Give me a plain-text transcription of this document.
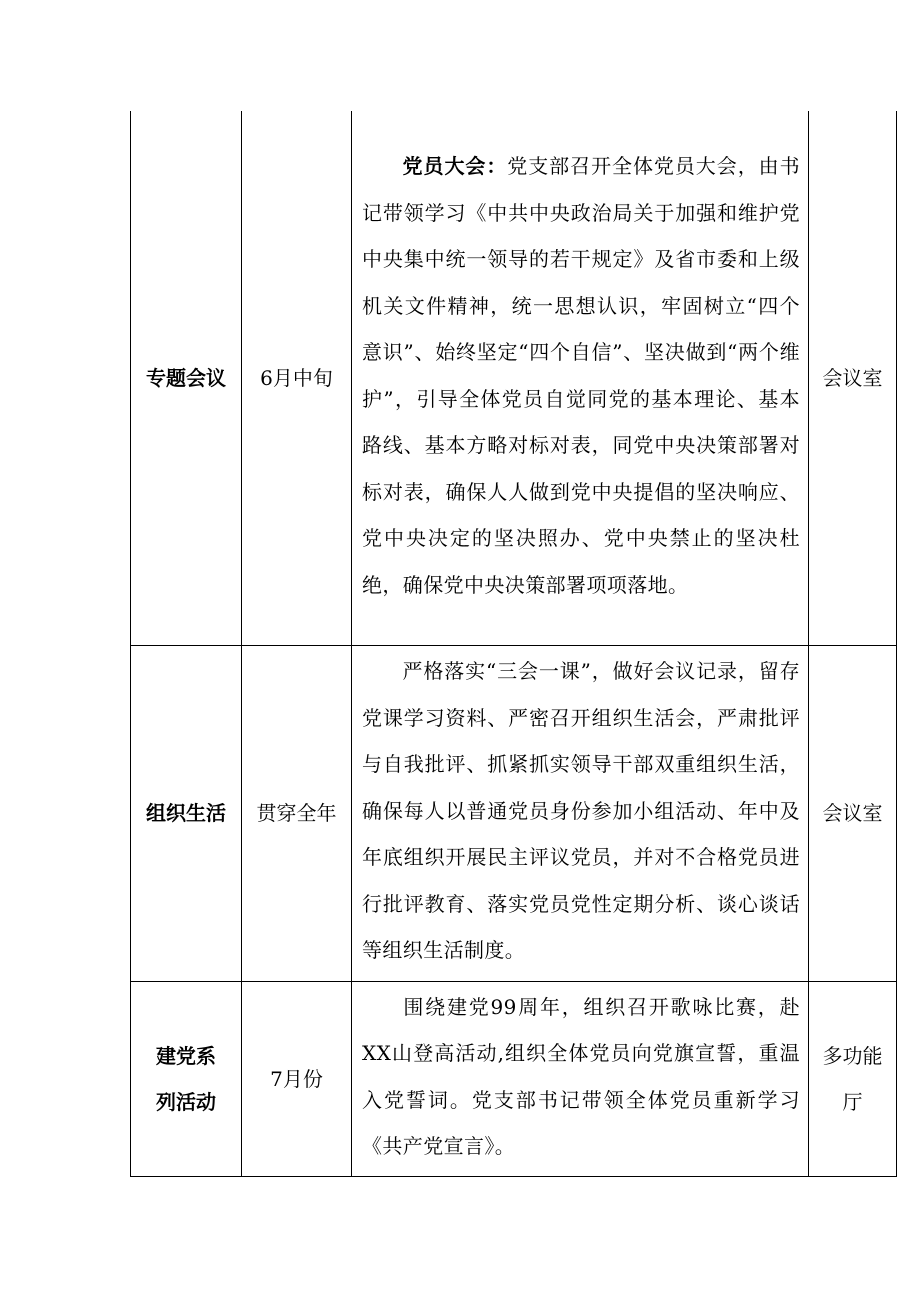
专题会议	6月中旬	党员大会：党支部召开全体党员大会，由书记带领学习《中共中央政治局关于加强和维护党中央集中统一领导的若干规定》及省市委和上级机关文件精神，统一思想认识，牢固树立“四个意识”、始终坚定“四个自信”、坚决做到“两个维护”，引导全体党员自觉同党的基本理论、基本路线、基本方略对标对表，同党中央决策部署对标对表，确保人人做到党中央提倡的坚决响应、党中央决定的坚决照办、党中央禁止的坚决杜绝，确保党中央决策部署项项落地。	会议室
组织生活	贯穿全年	严格落实“三会一课”，做好会议记录，留存党课学习资料、严密召开组织生活会，严肃批评与自我批评、抓紧抓实领导干部双重组织生活，确保每人以普通党员身份参加小组活动、年中及年底组织开展民主评议党员，并对不合格党员进行批评教育、落实党员党性定期分析、谈心谈话等组织生活制度。	会议室
建党系列活动	7月份	围绕建党99周年，组织召开歌咏比赛，赴XX山登高活动,组织全体党员向党旗宣誓，重温入党誓词。党支部书记带领全体党员重新学习《共产党宣言》。	多功能厅
